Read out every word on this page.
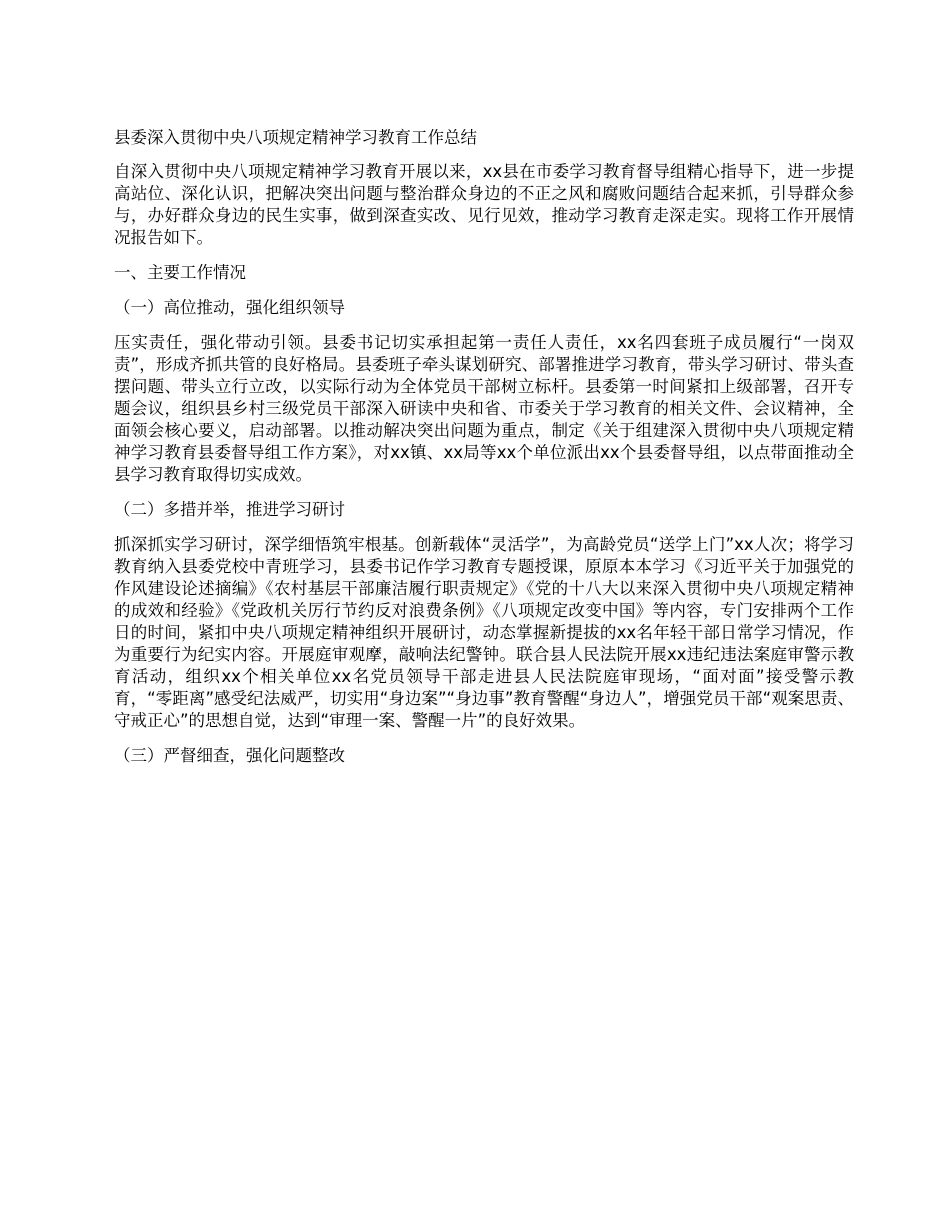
县委深入贯彻中央八项规定精神学习教育工作总结

自深入贯彻中央八项规定精神学习教育开展以来，xx县在市委学习教育督导组精心指导下，进一步提高站位、深化认识，把解决突出问题与整治群众身边的不正之风和腐败问题结合起来抓，引导群众参与，办好群众身边的民生实事，做到深查实改、见行见效，推动学习教育走深走实。现将工作开展情况报告如下。

一、主要工作情况

（一）高位推动，强化组织领导

压实责任，强化带动引领。县委书记切实承担起第一责任人责任，xx名四套班子成员履行“一岗双责”，形成齐抓共管的良好格局。县委班子牵头谋划研究、部署推进学习教育，带头学习研讨、带头查摆问题、带头立行立改，以实际行动为全体党员干部树立标杆。县委第一时间紧扣上级部署，召开专题会议，组织县乡村三级党员干部深入研读中央和省、市委关于学习教育的相关文件、会议精神，全面领会核心要义，启动部署。以推动解决突出问题为重点，制定《关于组建深入贯彻中央八项规定精神学习教育县委督导组工作方案》，对xx镇、xx局等xx个单位派出xx个县委督导组，以点带面推动全县学习教育取得切实成效。

（二）多措并举，推进学习研讨

抓深抓实学习研讨，深学细悟筑牢根基。创新载体“灵活学”，为高龄党员“送学上门”xx人次；将学习教育纳入县委党校中青班学习，县委书记作学习教育专题授课，原原本本学习《习近平关于加强党的作风建设论述摘编》《农村基层干部廉洁履行职责规定》《党的十八大以来深入贯彻中央八项规定精神的成效和经验》《党政机关厉行节约反对浪费条例》《八项规定改变中国》等内容，专门安排两个工作日的时间，紧扣中央八项规定精神组织开展研讨，动态掌握新提拔的xx名年轻干部日常学习情况，作为重要行为纪实内容。开展庭审观摩，敲响法纪警钟。联合县人民法院开展xx违纪违法案庭审警示教育活动，组织xx个相关单位xx名党员领导干部走进县人民法院庭审现场，“面对面”接受警示教育，“零距离”感受纪法威严，切实用“身边案”“身边事”教育警醒“身边人”，增强党员干部“观案思责、守戒正心”的思想自觉，达到“审理一案、警醒一片”的良好效果。

（三）严督细查，强化问题整改
